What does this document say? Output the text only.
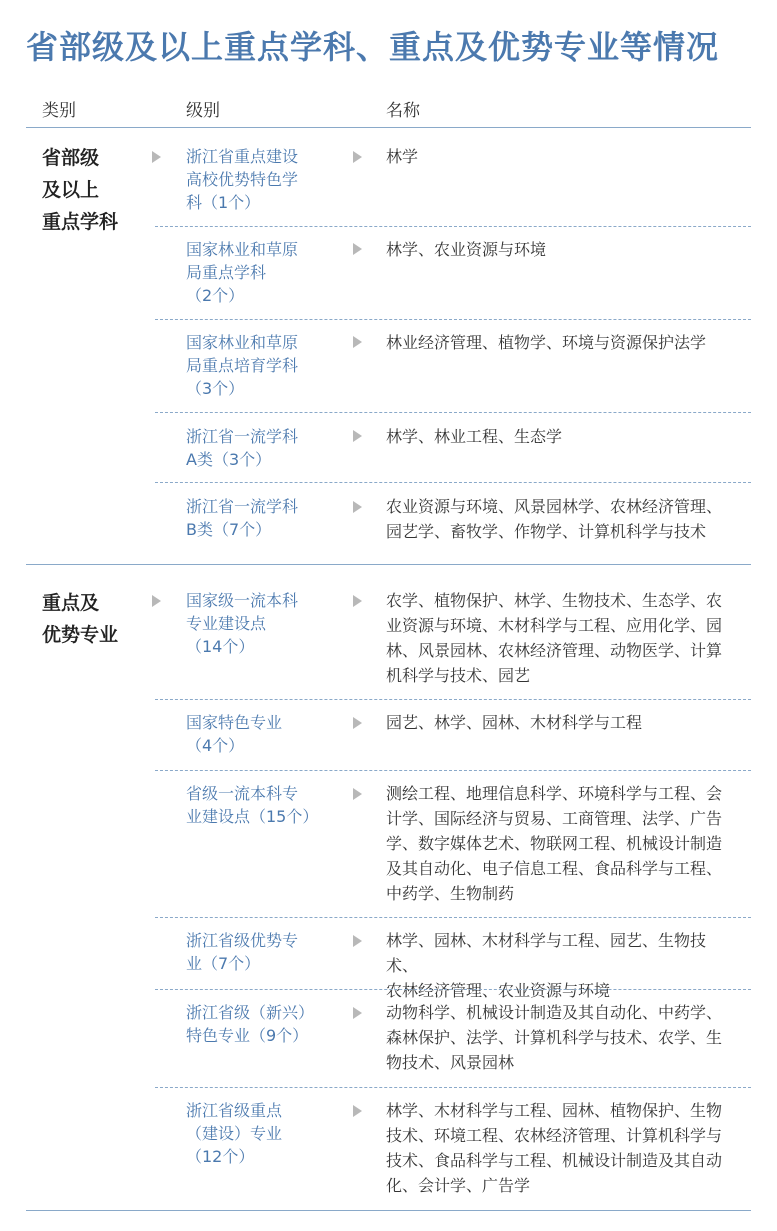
省部级及以上重点学科、重点及优势专业等情况
类别	级别	名称
省部级
及以上
重点学科
浙江省重点建设
高校优势特色学
科（1个）
林学
国家林业和草原
局重点学科
（2个）
林学、农业资源与环境
国家林业和草原
局重点培育学科
（3个）
林业经济管理、植物学、环境与资源保护法学
浙江省一流学科
A类（3个）
林学、林业工程、生态学
浙江省一流学科
B类（7个）
农业资源与环境、风景园林学、农林经济管理、
园艺学、畜牧学、作物学、计算机科学与技术
重点及
优势专业
国家级一流本科
专业建设点
（14个）
农学、植物保护、林学、生物技术、生态学、农
业资源与环境、木材科学与工程、应用化学、园
林、风景园林、农林经济管理、动物医学、计算
机科学与技术、园艺
国家特色专业
（4个）
园艺、林学、园林、木材科学与工程
省级一流本科专
业建设点（15个）
测绘工程、地理信息科学、环境科学与工程、会
计学、国际经济与贸易、工商管理、法学、广告
学、数字媒体艺术、物联网工程、机械设计制造
及其自动化、电子信息工程、食品科学与工程、
中药学、生物制药
浙江省级优势专
业（7个）
林学、园林、木材科学与工程、园艺、生物技术、
农林经济管理、农业资源与环境
浙江省级（新兴）
特色专业（9个）
动物科学、机械设计制造及其自动化、中药学、
森林保护、法学、计算机科学与技术、农学、生
物技术、风景园林
浙江省级重点
（建设）专业
（12个）
林学、木材科学与工程、园林、植物保护、生物
技术、环境工程、农林经济管理、计算机科学与
技术、食品科学与工程、机械设计制造及其自动
化、会计学、广告学
